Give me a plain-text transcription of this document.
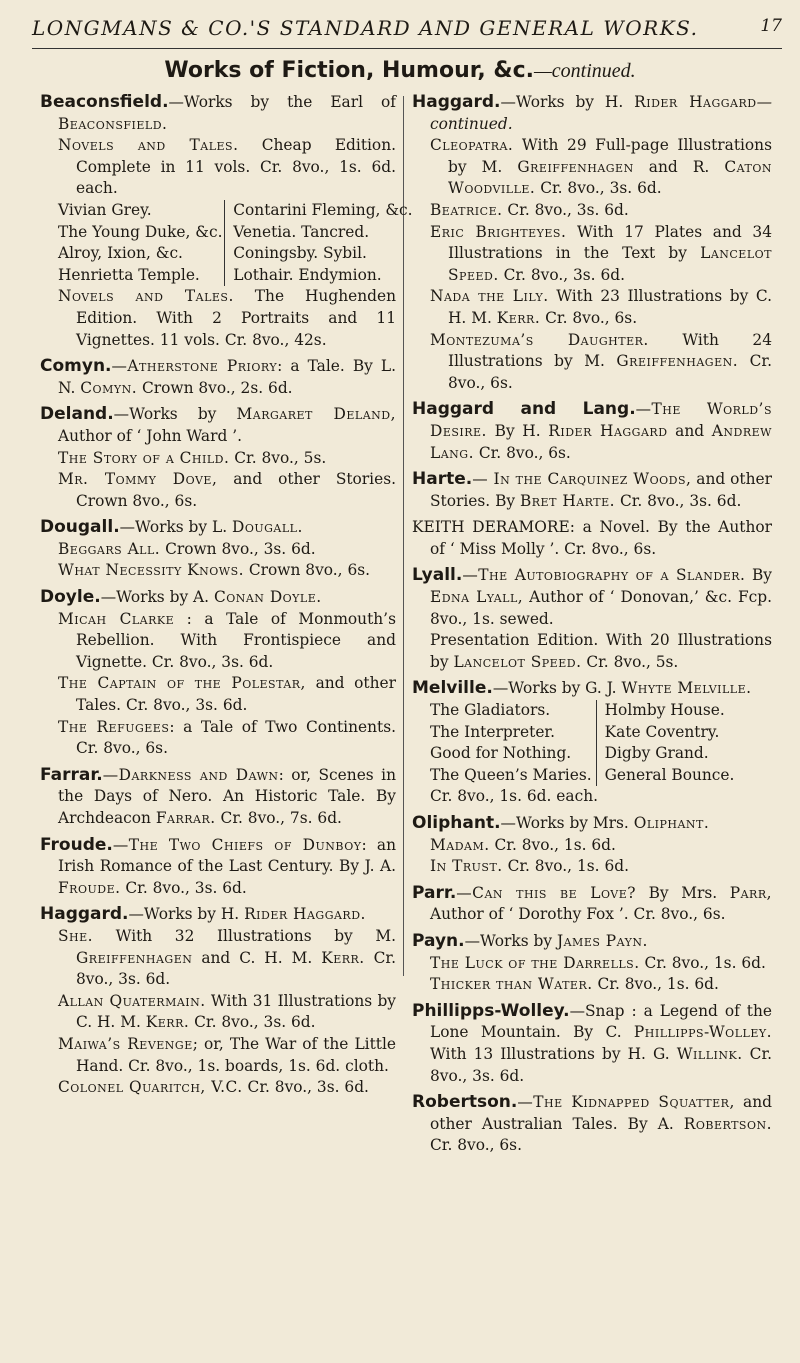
LONGMANS & CO.'S STANDARD AND GENERAL WORKS.	17
Works of Fiction, Humour, &c.—continued.

Beaconsfield.—Works by the Earl of Beaconsfield.

Novels and Tales. Cheap Edition. Complete in 11 vols. Cr. 8vo., 1s. 6d. each.

Vivian Grey.
The Young Duke, &c.
Alroy, Ixion, &c.
Henrietta Temple.
Contarini Fleming, &c.
Venetia. Tancred.
Coningsby. Sybil.
Lothair. Endymion.

Novels and Tales. The Hughenden Edition. With 2 Portraits and 11 Vignettes. 11 vols. Cr. 8vo., 42s.

Comyn.—Atherstone Priory: a Tale. By L. N. Comyn. Crown 8vo., 2s. 6d.

Deland.—Works by Margaret Deland, Author of ‘ John Ward ’.

The Story of a Child. Cr. 8vo., 5s.

Mr. Tommy Dove, and other Stories. Crown 8vo., 6s.

Dougall.—Works by L. Dougall.

Beggars All. Crown 8vo., 3s. 6d.

What Necessity Knows. Crown 8vo., 6s.

Doyle.—Works by A. Conan Doyle.

Micah Clarke : a Tale of Monmouth’s Rebellion. With Frontispiece and Vignette. Cr. 8vo., 3s. 6d.

The Captain of the Polestar, and other Tales. Cr. 8vo., 3s. 6d.

The Refugees: a Tale of Two Continents. Cr. 8vo., 6s.

Farrar.—Darkness and Dawn: or, Scenes in the Days of Nero. An Historic Tale. By Archdeacon Farrar. Cr. 8vo., 7s. 6d.

Froude.—The Two Chiefs of Dunboy: an Irish Romance of the Last Century. By J. A. Froude. Cr. 8vo., 3s. 6d.

Haggard.—Works by H. Rider Haggard.

She. With 32 Illustrations by M. Greiffenhagen and C. H. M. Kerr. Cr. 8vo., 3s. 6d.

Allan Quatermain. With 31 Illustrations by C. H. M. Kerr. Cr. 8vo., 3s. 6d.

Maiwa’s Revenge; or, The War of the Little Hand. Cr. 8vo., 1s. boards, 1s. 6d. cloth.

Colonel Quaritch, V.C. Cr. 8vo., 3s. 6d.

Haggard.—Works by H. Rider Haggard—continued.

Cleopatra. With 29 Full-page Illustrations by M. Greiffenhagen and R. Caton Woodville. Cr. 8vo., 3s. 6d.

Beatrice. Cr. 8vo., 3s. 6d.

Eric Brighteyes. With 17 Plates and 34 Illustrations in the Text by Lancelot Speed. Cr. 8vo., 3s. 6d.

Nada the Lily. With 23 Illustrations by C. H. M. Kerr. Cr. 8vo., 6s.

Montezuma’s Daughter. With 24 Illustrations by M. Greiffenhagen. Cr. 8vo., 6s.

Haggard and Lang.—The World’s Desire. By H. Rider Haggard and Andrew Lang. Cr. 8vo., 6s.

Harte.— In the Carquinez Woods, and other Stories. By Bret Harte. Cr. 8vo., 3s. 6d.

KEITH DERAMORE: a Novel. By the Author of ‘ Miss Molly ’. Cr. 8vo., 6s.

Lyall.—The Autobiography of a Slander. By Edna Lyall, Author of ‘ Donovan,’ &c. Fcp. 8vo., 1s. sewed.

Presentation Edition. With 20 Illustrations by Lancelot Speed. Cr. 8vo., 5s.

Melville.—Works by G. J. Whyte Melville.

The Gladiators.
The Interpreter.
Good for Nothing.
The Queen’s Maries.
Holmby House.
Kate Coventry.
Digby Grand.
General Bounce.

Cr. 8vo., 1s. 6d. each.

Oliphant.—Works by Mrs. Oliphant.

Madam. Cr. 8vo., 1s. 6d.

In Trust. Cr. 8vo., 1s. 6d.

Parr.—Can this be Love? By Mrs. Parr, Author of ‘ Dorothy Fox ’. Cr. 8vo., 6s.

Payn.—Works by James Payn.

The Luck of the Darrells. Cr. 8vo., 1s. 6d.

Thicker than Water. Cr. 8vo., 1s. 6d.

Phillipps-Wolley.—Snap : a Legend of the Lone Mountain. By C. Phillipps-Wolley. With 13 Illustrations by H. G. Willink. Cr. 8vo., 3s. 6d.

Robertson.—The Kidnapped Squatter, and other Australian Tales. By A. Robertson. Cr. 8vo., 6s.
